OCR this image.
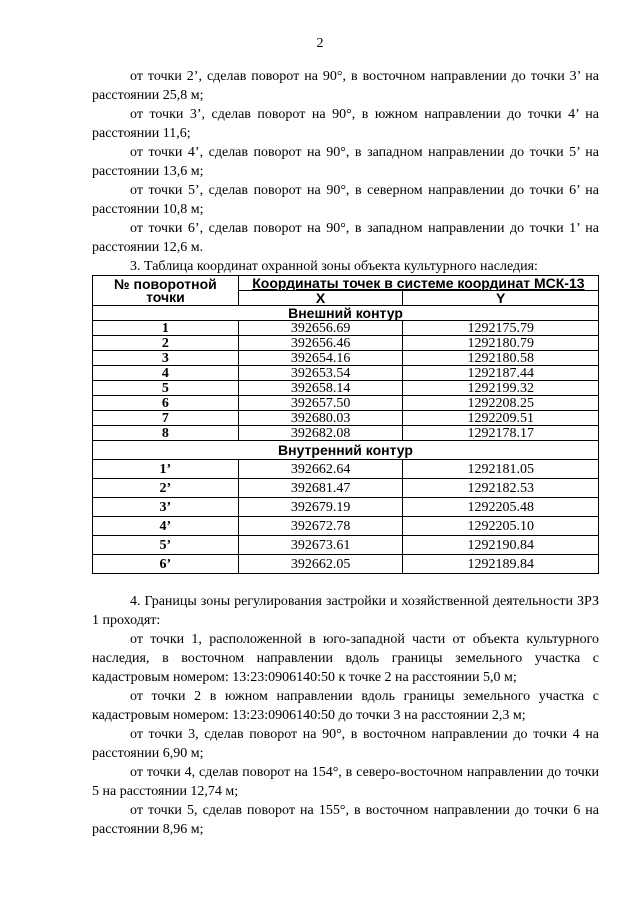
2

от точки 2’, сделав поворот на 90°, в восточном направлении до точки 3’ на расстоянии 25,8 м;

от точки 3’, сделав поворот на 90°, в южном направлении до точки 4’ на расстоянии 11,6;

от точки 4’, сделав поворот на 90°, в западном направлении до точки 5’ на расстоянии 13,6 м;

от точки 5’, сделав поворот на 90°, в северном направлении до точки 6’ на расстоянии 10,8 м;

от точки 6’, сделав поворот на 90°, в западном направлении до точки 1’ на расстоянии 12,6 м.

3. Таблица координат охранной зоны объекта культурного наследия:

№ поворотной точки	Координаты точек в системе координат МСК-13	
	X	Y
Внешний контур		
1	392656.69	1292175.79
2	392656.46	1292180.79
3	392654.16	1292180.58
4	392653.54	1292187.44
5	392658.14	1292199.32
6	392657.50	1292208.25
7	392680.03	1292209.51
8	392682.08	1292178.17
Внутренний контур		
1’	392662.64	1292181.05
2’	392681.47	1292182.53
3’	392679.19	1292205.48
4’	392672.78	1292205.10
5’	392673.61	1292190.84
6’	392662.05	1292189.84

4. Границы зоны регулирования застройки и хозяйственной деятельности ЗРЗ 1 проходят:

от точки 1, расположенной в юго-западной части от объекта культурного наследия, в восточном направлении вдоль границы земельного участка с кадастровым номером: 13:23:0906140:50 к точке 2 на расстоянии 5,0 м;

от точки 2 в южном направлении вдоль границы земельного участка с кадастровым номером: 13:23:0906140:50 до точки 3 на расстоянии 2,3 м;

от точки 3, сделав поворот на 90°, в восточном направлении до точки 4 на расстоянии 6,90 м;

от точки 4, сделав поворот на 154°, в северо-восточном направлении до точки 5 на расстоянии 12,74 м;

от точки 5, сделав поворот на 155°, в восточном направлении до точки 6 на расстоянии 8,96 м;
